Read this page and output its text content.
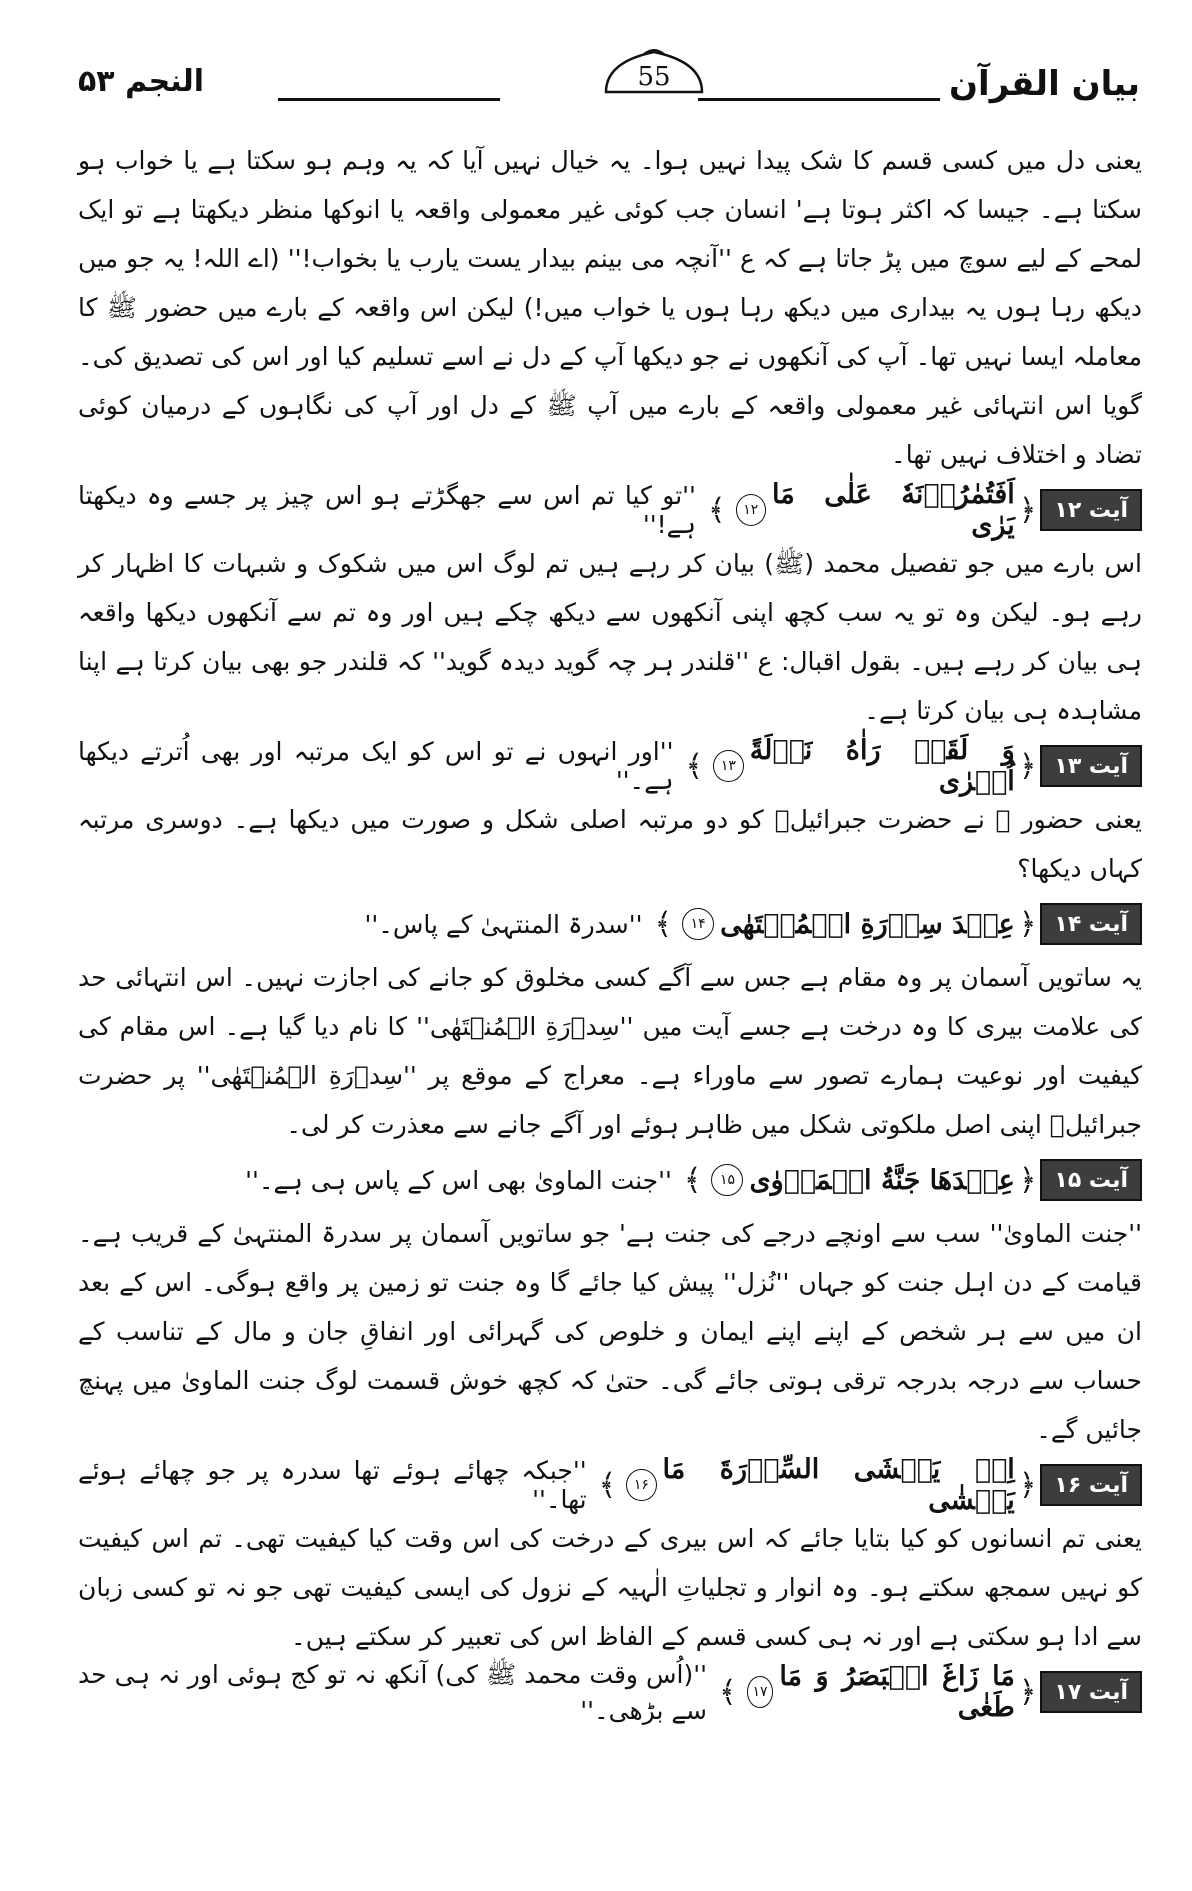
بیان القرآن
55
النجم ۵۳

یعنی دل میں کسی قسم کا شک پیدا نہیں ہوا۔ یہ خیال نہیں آیا کہ یہ وہم ہو سکتا ہے یا خواب ہو سکتا ہے۔ جیسا کہ اکثر ہوتا ہے' انسان جب کوئی غیر معمولی واقعہ یا انوکھا منظر دیکھتا ہے تو ایک لمحے کے لیے سوچ میں پڑ جاتا ہے کہ ع ''آنچہ می بینم بیدار یست یارب یا بخواب!'' (اے اللہ! یہ جو میں دیکھ رہا ہوں یہ بیداری میں دیکھ رہا ہوں یا خواب میں!) لیکن اس واقعہ کے بارے میں حضور ﷺ کا معاملہ ایسا نہیں تھا۔ آپ کی آنکھوں نے جو دیکھا آپ کے دل نے اسے تسلیم کیا اور اس کی تصدیق کی۔ گویا اس انتہائی غیر معمولی واقعہ کے بارے میں آپ ﷺ کے دل اور آپ کی نگاہوں کے درمیان کوئی تضاد و اختلاف نہیں تھا۔

آیت ۱۲
﴿
اَفَتُمٰرُوۡنَهٗ عَلٰی مَا یَرٰی
۱۲
﴾
''تو کیا تم اس سے جھگڑتے ہو اس چیز پر جسے وہ دیکھتا ہے!''

اس بارے میں جو تفصیل محمد (ﷺ) بیان کر رہے ہیں تم لوگ اس میں شکوک و شبہات کا اظہار کر رہے ہو۔ لیکن وہ تو یہ سب کچھ اپنی آنکھوں سے دیکھ چکے ہیں اور وہ تم سے آنکھوں دیکھا واقعہ ہی بیان کر رہے ہیں۔ بقول اقبال: ع ''قلندر ہر چہ گوید دیدہ گوید'' کہ قلندر جو بھی بیان کرتا ہے اپنا مشاہدہ ہی بیان کرتا ہے۔

آیت ۱۳
﴿
وَ لَقَدۡ رَاٰهُ نَزۡلَةً اُخۡرٰی
۱۳
﴾
''اور انہوں نے تو اس کو ایک مرتبہ اور بھی اُترتے دیکھا ہے۔''

یعنی حضور ﷺ نے حضرت جبرائیلؑ کو دو مرتبہ اصلی شکل و صورت میں دیکھا ہے۔ دوسری مرتبہ کہاں دیکھا؟

آیت ۱۴
﴿
عِنۡدَ سِدۡرَةِ الۡمُنۡتَهٰی
۱۴
﴾
''سدرۃ المنتہیٰ کے پاس۔''

یہ ساتویں آسمان پر وہ مقام ہے جس سے آگے کسی مخلوق کو جانے کی اجازت نہیں۔ اس انتہائی حد کی علامت بیری کا وہ درخت ہے جسے آیت میں ''سِدۡرَةِ الۡمُنۡتَهٰی'' کا نام دیا گیا ہے۔ اس مقام کی کیفیت اور نوعیت ہمارے تصور سے ماوراء ہے۔ معراج کے موقع پر ''سِدۡرَةِ الۡمُنۡتَهٰی'' پر حضرت جبرائیلؑ اپنی اصل ملکوتی شکل میں ظاہر ہوئے اور آگے جانے سے معذرت کر لی۔

آیت ۱۵
﴿
عِنۡدَهَا جَنَّةُ الۡمَاۡوٰی
۱۵
﴾
''جنت الماویٰ بھی اس کے پاس ہی ہے۔''

''جنت الماویٰ'' سب سے اونچے درجے کی جنت ہے' جو ساتویں آسمان پر سدرۃ المنتہیٰ کے قریب ہے۔ قیامت کے دن اہل جنت کو جہاں ''نُزل'' پیش کیا جائے گا وہ جنت تو زمین پر واقع ہوگی۔ اس کے بعد ان میں سے ہر شخص کے اپنے اپنے ایمان و خلوص کی گہرائی اور انفاقِ جان و مال کے تناسب کے حساب سے درجہ بدرجہ ترقی ہوتی جائے گی۔ حتیٰ کہ کچھ خوش قسمت لوگ جنت الماویٰ میں پہنچ جائیں گے۔

آیت ۱۶
﴿
اِذۡ یَغۡشَی السِّدۡرَةَ مَا یَغۡشٰی
۱۶
﴾
''جبکہ چھائے ہوئے تھا سدرہ پر جو چھائے ہوئے تھا۔''

یعنی تم انسانوں کو کیا بتایا جائے کہ اس بیری کے درخت کی اس وقت کیا کیفیت تھی۔ تم اس کیفیت کو نہیں سمجھ سکتے ہو۔ وہ انوار و تجلیاتِ الٰہیہ کے نزول کی ایسی کیفیت تھی جو نہ تو کسی زبان سے ادا ہو سکتی ہے اور نہ ہی کسی قسم کے الفاظ اس کی تعبیر کر سکتے ہیں۔

آیت ۱۷
﴿
مَا زَاغَ الۡبَصَرُ وَ مَا طَغٰی
۱۷
﴾
''(اُس وقت محمد ﷺ کی) آنکھ نہ تو کج ہوئی اور نہ ہی حد سے بڑھی۔''
